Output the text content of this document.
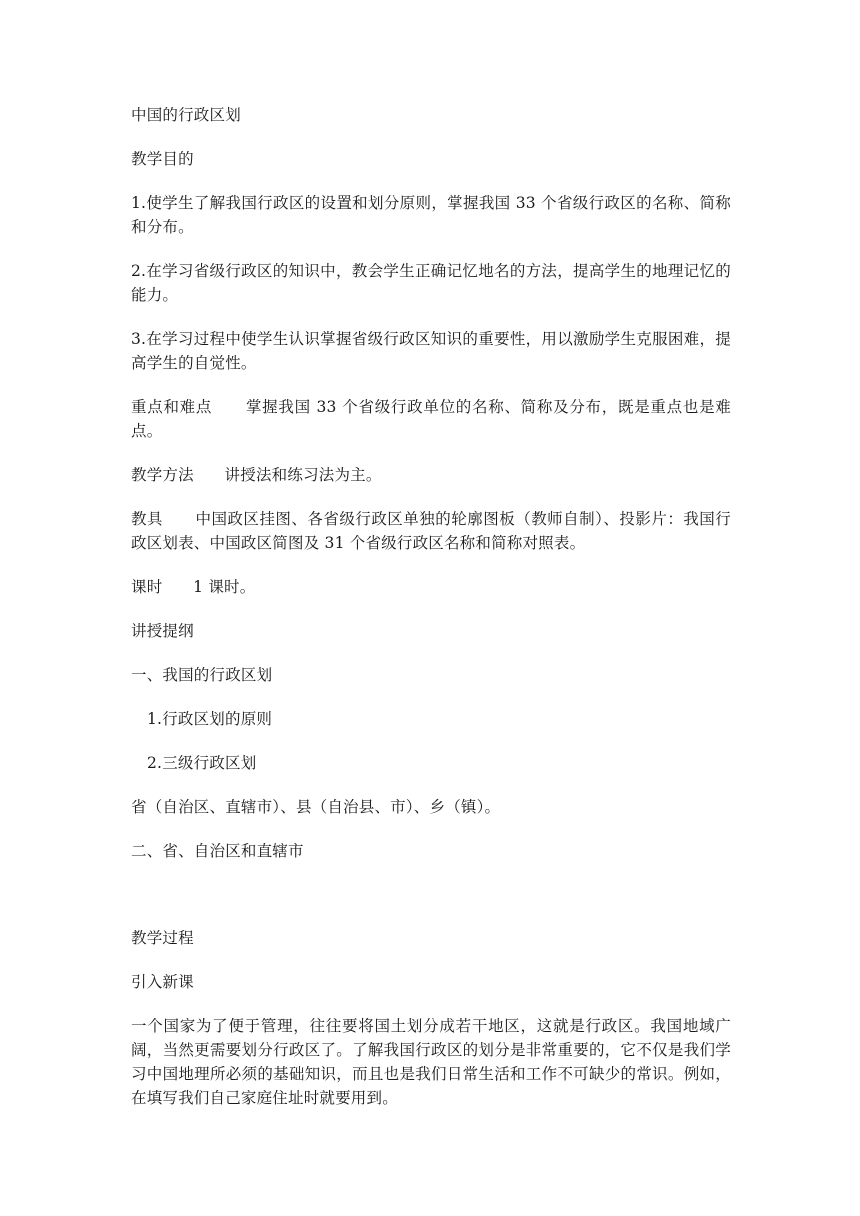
中国的行政区划

教学目的

1.使学生了解我国行政区的设置和划分原则，掌握我国 33 个省级行政区的名称、简称和分布。

2.在学习省级行政区的知识中，教会学生正确记忆地名的方法，提高学生的地理记忆的能力。

3.在学习过程中使学生认识掌握省级行政区知识的重要性，用以激励学生克服困难，提高学生的自觉性。

重点和难点      掌握我国 33 个省级行政单位的名称、简称及分布，既是重点也是难点。

教学方法      讲授法和练习法为主。

教具      中国政区挂图、各省级行政区单独的轮廓图板（教师自制）、投影片：我国行政区划表、中国政区简图及 31 个省级行政区名称和简称对照表。

课时      1 课时。

讲授提纲

一、我国的行政区划

1.行政区划的原则

2.三级行政区划

省（自治区、直辖市）、县（自治县、市）、乡（镇）。

二、省、自治区和直辖市

教学过程

引入新课

一个国家为了便于管理，往往要将国土划分成若干地区，这就是行政区。我国地域广阔，当然更需要划分行政区了。了解我国行政区的划分是非常重要的，它不仅是我们学习中国地理所必须的基础知识，而且也是我们日常生活和工作不可缺少的常识。例如，在填写我们自己家庭住址时就要用到。
